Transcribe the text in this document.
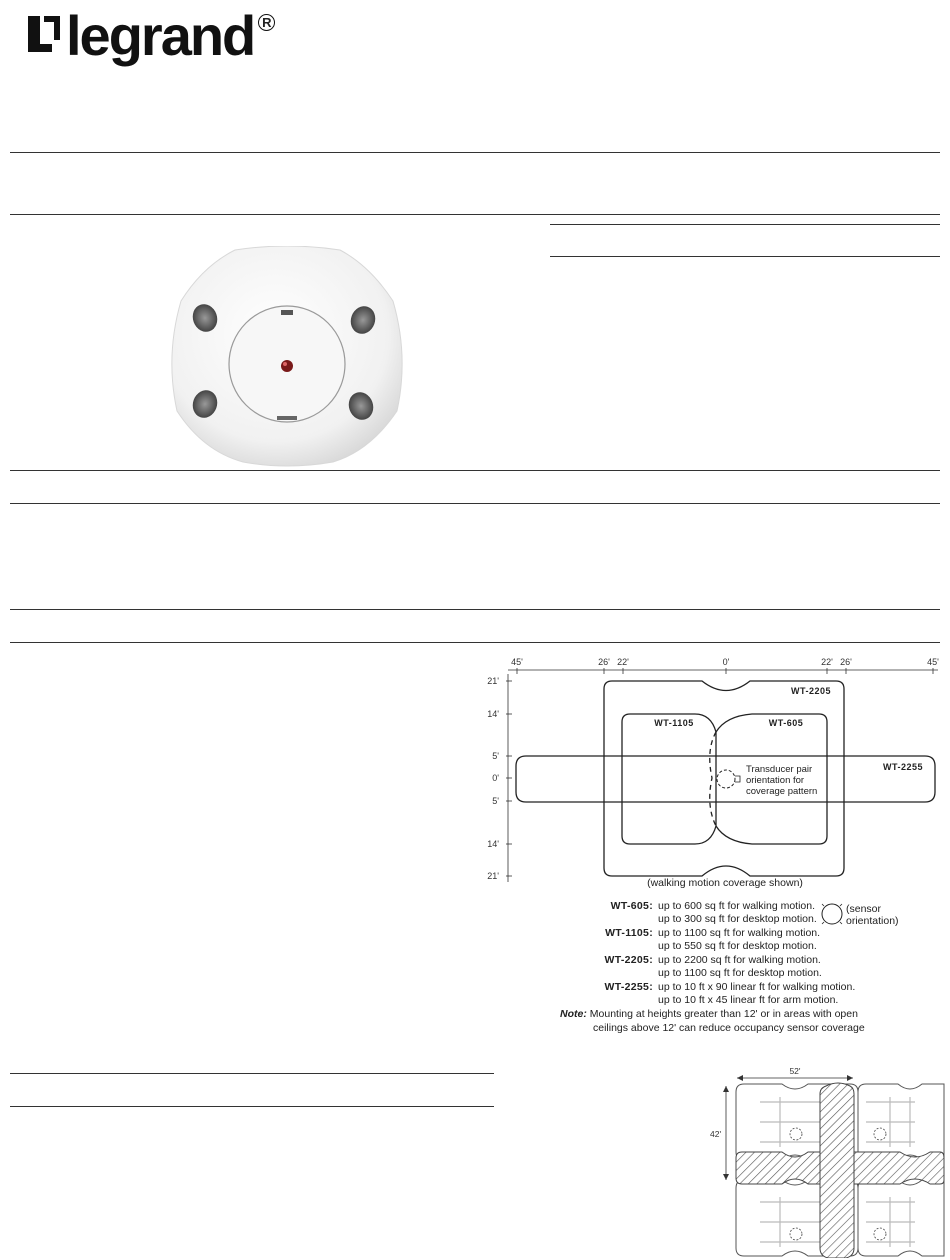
legrand R
45'	26' 22'	0'	22' 26'	45'
21'
14'
5'
0'
5'
14'
21'
WT-2205
WT-1105	WT-605
WT-2255
Transducer pair
orientation for
coverage pattern
(walking motion coverage shown)
WT-605: up to 600 sq ft for walking motion.
up to 300 sq ft for desktop motion.
WT-1105: up to 1100 sq ft for walking motion.
up to 550 sq ft for desktop motion.
WT-2205: up to 2200 sq ft for walking motion.
up to 1100 sq ft for desktop motion.
WT-2255: up to 10 ft x 90 linear ft for walking motion.
up to 10 ft x 45 linear ft for arm motion.
(sensor
orientation)
Note: Mounting at heights greater than 12' or in areas with open
ceilings above 12' can reduce occupancy sensor coverage
52'
42'
